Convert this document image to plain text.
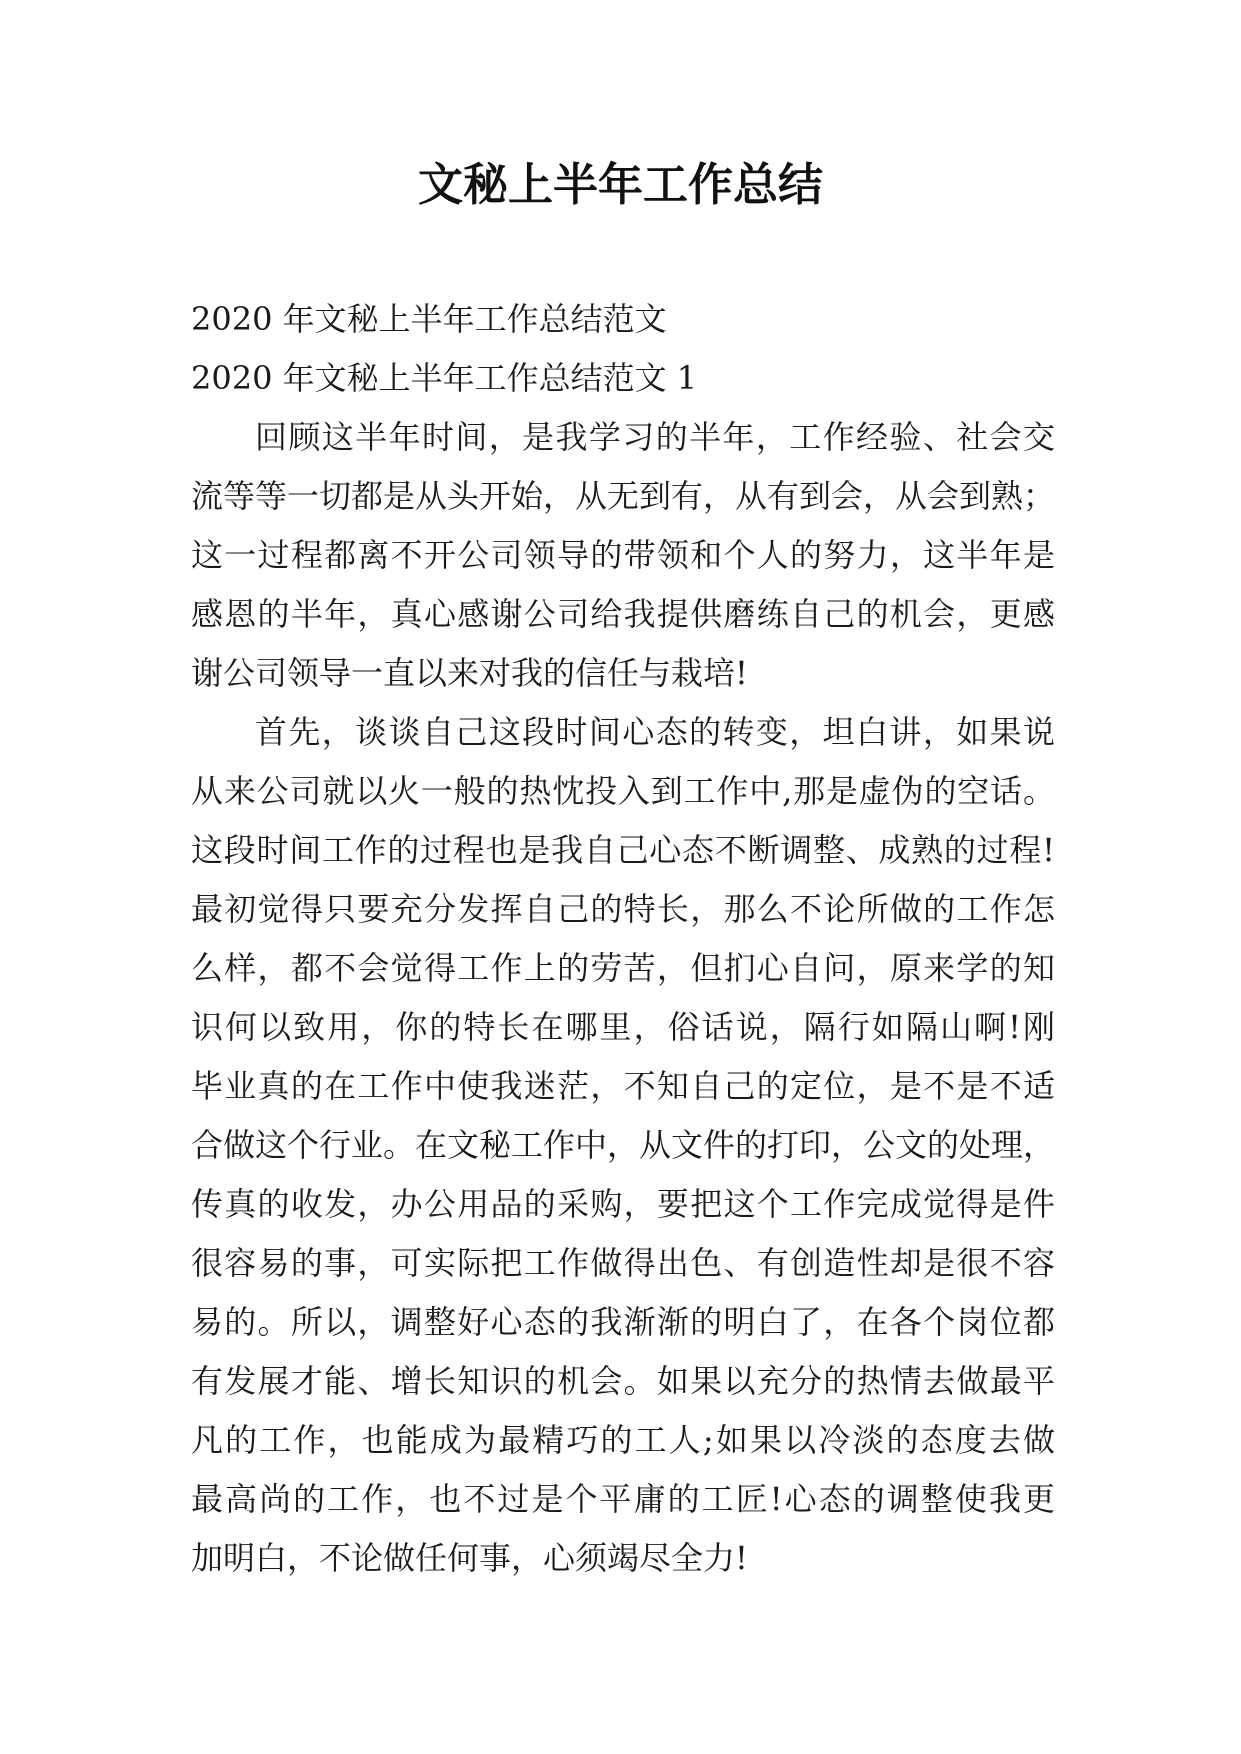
文秘上半年工作总结
2020 年文秘上半年工作总结范文
2020 年文秘上半年工作总结范文 1
回顾这半年时间，是我学习的半年，工作经验、社会交
流等等一切都是从头开始，从无到有，从有到会，从会到熟；
这一过程都离不开公司领导的带领和个人的努力，这半年是
感恩的半年，真心感谢公司给我提供磨练自己的机会，更感
谢公司领导一直以来对我的信任与栽培!
首先，谈谈自己这段时间心态的转变，坦白讲，如果说
从来公司就以火一般的热忱投入到工作中,那是虚伪的空话。
这段时间工作的过程也是我自己心态不断调整、成熟的过程!
最初觉得只要充分发挥自己的特长，那么不论所做的工作怎
么样，都不会觉得工作上的劳苦，但扪心自问，原来学的知
识何以致用，你的特长在哪里，俗话说，隔行如隔山啊!刚
毕业真的在工作中使我迷茫，不知自己的定位，是不是不适
合做这个行业。在文秘工作中，从文件的打印，公文的处理，
传真的收发，办公用品的采购，要把这个工作完成觉得是件
很容易的事，可实际把工作做得出色、有创造性却是很不容
易的。所以，调整好心态的我渐渐的明白了，在各个岗位都
有发展才能、增长知识的机会。如果以充分的热情去做最平
凡的工作，也能成为最精巧的工人;如果以冷淡的态度去做
最高尚的工作，也不过是个平庸的工匠!心态的调整使我更
加明白，不论做任何事，心须竭尽全力!
